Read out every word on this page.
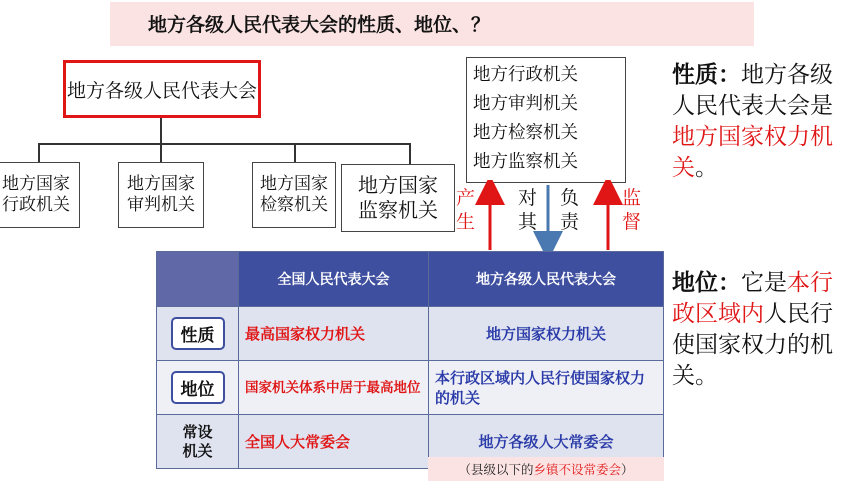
地方各级人民代表大会的性质、地位、？
地方各级人民代表大会
地方国家
行政机关
地方国家
审判机关
地方国家
检察机关
地方国家
监察机关
地方行政机关
地方审判机关
地方检察机关
地方监察机关
产
生
对
其
负
责
监
督
性质：地方各级人民代表大会是地方国家权力机关。
地位：它是本行政区域内人民行使国家权力的机关。
	全国人民代表大会	地方各级人民代表大会
性质	最高国家权力机关	地方国家权力机关
地位	国家机关体系中居于最高地位	本行政区域内人民行使国家权力的机关

常设机关	全国人大常委会	地方各级人大常委会
（县级以下的 乡镇不设常委会 ）
